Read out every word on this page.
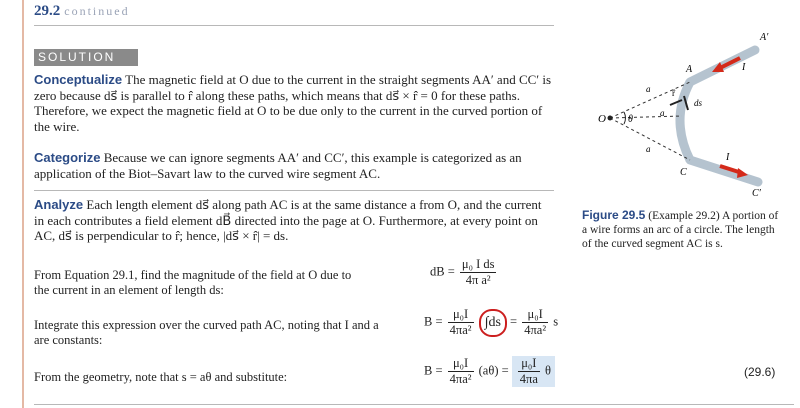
29.2 continued
SOLUTION
Conceptualize The magnetic field at O due to the current in the straight segments AA′ and CC′ is zero because ds⃗ is parallel to r̂ along these paths, which means that ds⃗ × r̂ = 0 for these paths. Therefore, we expect the magnetic field at O to be due only to the current in the curved portion of the wire.
Categorize Because we can ignore segments AA′ and CC′, this example is categorized as an application of the Biot–Savart law to the curved wire segment AC.
Analyze Each length element ds⃗ along path AC is at the same distance a from O, and the current in each contributes a field element dB⃗ directed into the page at O. Furthermore, at every point on AC, ds⃗ is perpendicular to r̂; hence, |ds⃗ × r̂| = ds.
From Equation 29.1, find the magnitude of the field at O due to the current in an element of length ds:
dB = $\frac{\text{μ₀ I ds}}{\text{4π a²}}$
Integrate this expression over the curved path AC, noting that I and a are constants:
$B = \frac{\text{μ₀I}}{\text{4πa²}} \int ds = \frac{\text{μ₀I}}{\text{4πa²}}$ s
From the geometry, note that s = aθ and substitute:	$B = \frac{\text{μ₀I}}{\text{4πa²}} (a\theta) = \frac{\text{μ₀I}}{4\pi a}$ θ	(29.6)
O θ
A
A′
C
C′
a
a
a
I
I
ds⃗
r̂
Figure 29.5 (Example 29.2) A portion of a wire forms an arc of a circle. The length of the curved segment AC is s.
